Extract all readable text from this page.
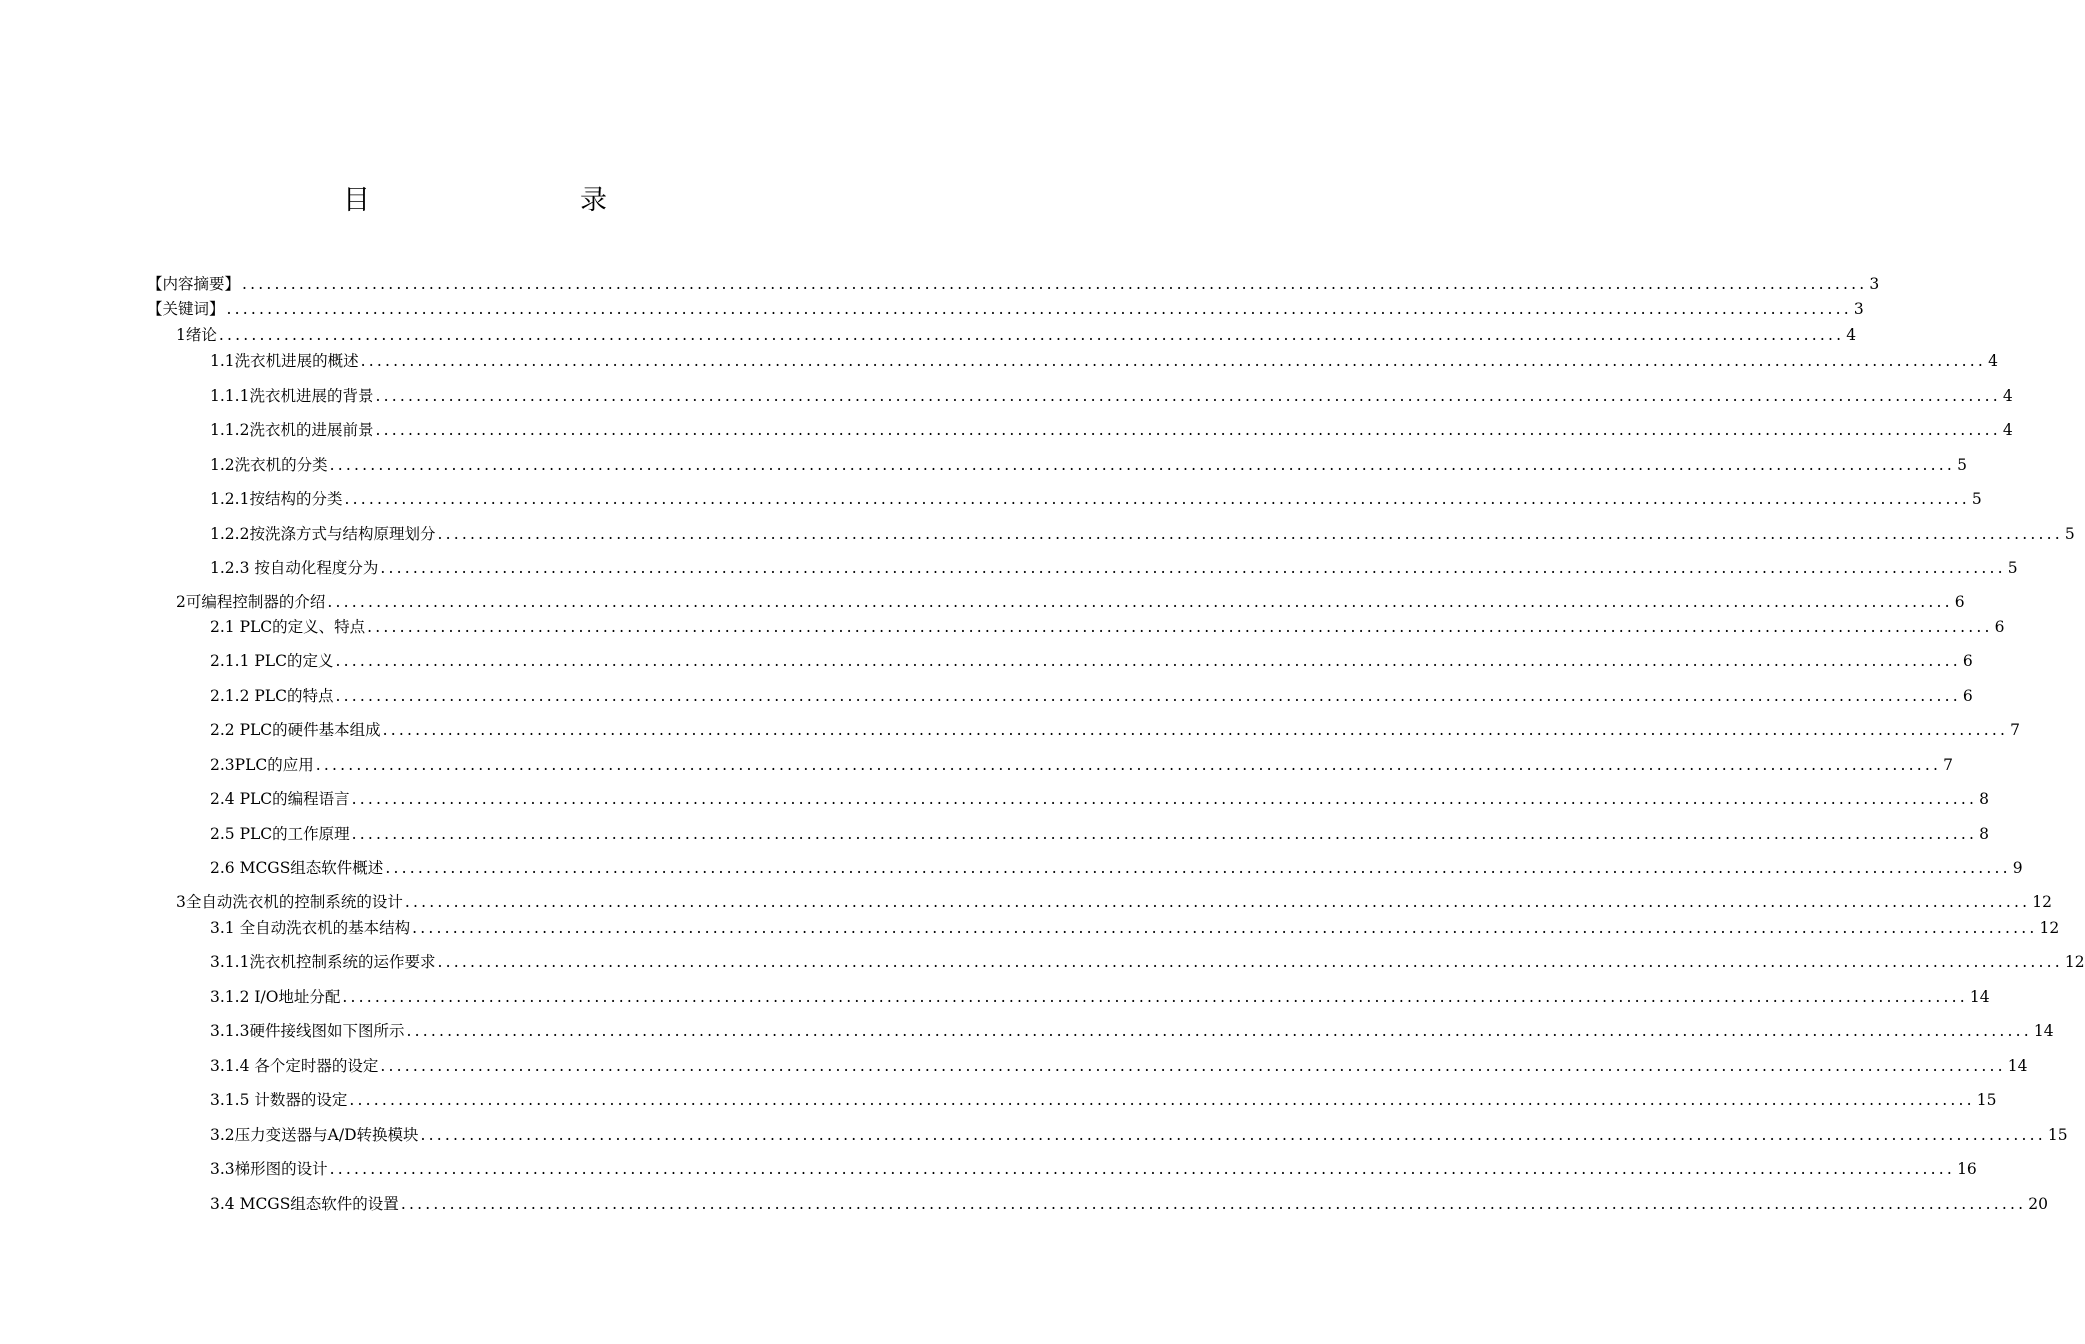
目　　录
【内容摘要】 ........................................................................................................................................................................................................ 3
【关键词】 ........................................................................................................................................................................................................ 3
1绪论 ........................................................................................................................................................................................................ 4
1.1洗衣机进展的概述 ........................................................................................................................................................................................................ 4
1.1.1洗衣机进展的背景 ........................................................................................................................................................................................................ 4
1.1.2洗衣机的进展前景 ........................................................................................................................................................................................................ 4
1.2洗衣机的分类 ........................................................................................................................................................................................................ 5
1.2.1按结构的分类 ........................................................................................................................................................................................................ 5
1.2.2按洗涤方式与结构原理划分 ........................................................................................................................................................................................................ 5
1.2.3 按自动化程度分为 ........................................................................................................................................................................................................ 5
2可编程控制器的介绍 ........................................................................................................................................................................................................ 6
2.1 PLC的定义、特点 ........................................................................................................................................................................................................ 6
2.1.1 PLC的定义 ........................................................................................................................................................................................................ 6
2.1.2 PLC的特点 ........................................................................................................................................................................................................ 6
2.2 PLC的硬件基本组成 ........................................................................................................................................................................................................ 7
2.3PLC的应用 ........................................................................................................................................................................................................ 7
2.4 PLC的编程语言 ........................................................................................................................................................................................................ 8
2.5 PLC的工作原理 ........................................................................................................................................................................................................ 8
2.6 MCGS组态软件概述 ........................................................................................................................................................................................................ 9
3全自动洗衣机的控制系统的设计 ........................................................................................................................................................................................................ 12
3.1 全自动洗衣机的基本结构 ........................................................................................................................................................................................................ 12
3.1.1洗衣机控制系统的运作要求 ........................................................................................................................................................................................................ 12
3.1.2 I/O地址分配 ........................................................................................................................................................................................................ 14
3.1.3硬件接线图如下图所示 ........................................................................................................................................................................................................ 14
3.1.4 各个定时器的设定 ........................................................................................................................................................................................................ 14
3.1.5 计数器的设定 ........................................................................................................................................................................................................ 15
3.2压力变送器与A/D转换模块 ........................................................................................................................................................................................................ 15
3.3梯形图的设计 ........................................................................................................................................................................................................ 16
3.4 MCGS组态软件的设置 ........................................................................................................................................................................................................ 20
